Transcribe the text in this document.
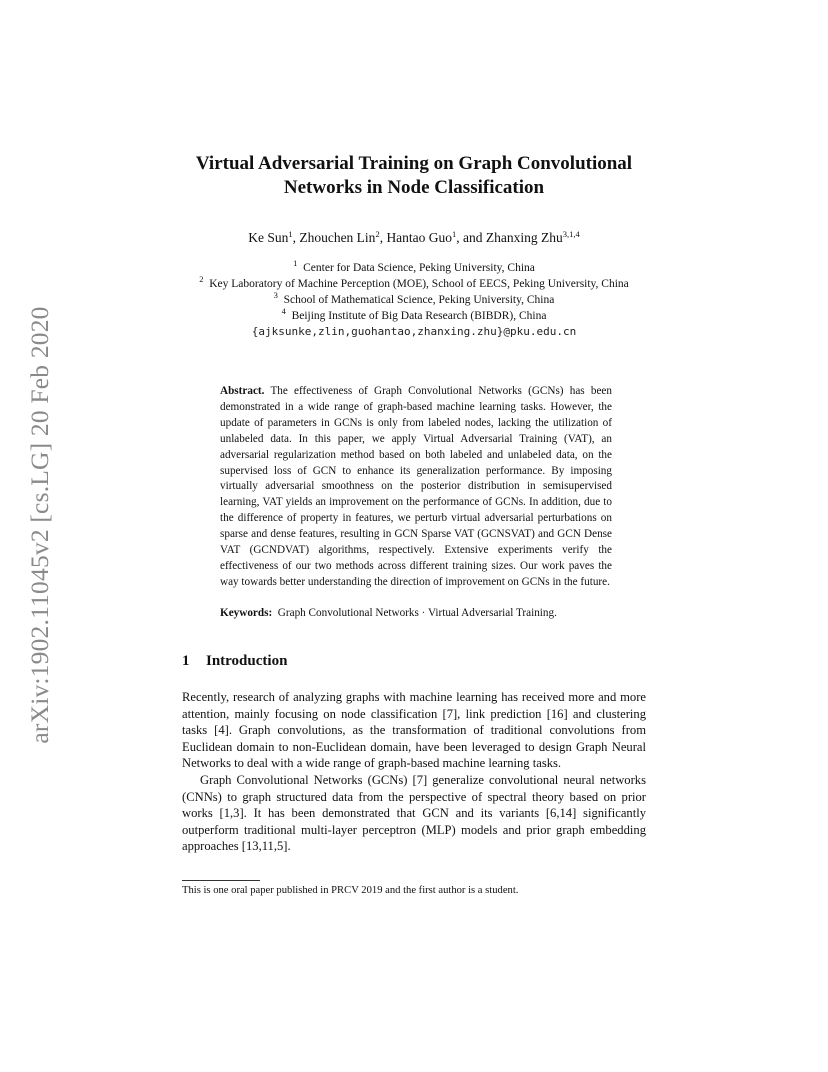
arXiv:1902.11045v2 [cs.LG] 20 Feb 2020
Virtual Adversarial Training on Graph Convolutional
Networks in Node Classification
Ke Sun$^1$, Zhouchen Lin$^2$, Hantao Guo$^1$, and Zhanxing Zhu$^{3,1,4}$
$^1$ Center for Data Science, Peking University, China
$^2$ Key Laboratory of Machine Perception (MOE), School of EECS, Peking University, China
$^3$ School of Mathematical Science, Peking University, China
$^4$ Beijing Institute of Big Data Research (BIBDR), China
{ajksunke,zlin,guohantao,zhanxing.zhu}@pku.edu.cn
Abstract. The effectiveness of Graph Convolutional Networks (GCNs) has been demonstrated in a wide range of graph-based machine learning tasks. However, the update of parameters in GCNs is only from labeled nodes, lacking the utilization of unlabeled data. In this paper, we apply Virtual Adversarial Training (VAT), an adversarial regularization method based on both labeled and unlabeled data, on the supervised loss of GCN to enhance its generalization performance. By imposing virtually adversarial smoothness on the posterior distribution in semisupervised learning, VAT yields an improvement on the performance of GCNs. In addition, due to the difference of property in features, we perturb virtual adversarial perturbations on sparse and dense features, resulting in GCN Sparse VAT (GCNSVAT) and GCN Dense VAT (GCNDVAT) algorithms, respectively. Extensive experiments verify the effectiveness of our two methods across different training sizes. Our work paves the way towards better understanding the direction of improvement on GCNs in the future.
Keywords: Graph Convolutional Networks · Virtual Adversarial Training.
1 Introduction

Recently, research of analyzing graphs with machine learning has received more and more attention, mainly focusing on node classification [7], link prediction [16] and clustering tasks [4]. Graph convolutions, as the transformation of traditional convolutions from Euclidean domain to non-Euclidean domain, have been leveraged to design Graph Neural Networks to deal with a wide range of graph-based machine learning tasks.

Graph Convolutional Networks (GCNs) [7] generalize convolutional neural networks (CNNs) to graph structured data from the perspective of spectral theory based on prior works [1,3]. It has been demonstrated that GCN and its variants [6,14] significantly outperform traditional multi-layer perceptron (MLP) models and prior graph embedding approaches [13,11,5].

This is one oral paper published in PRCV 2019 and the first author is a student.
